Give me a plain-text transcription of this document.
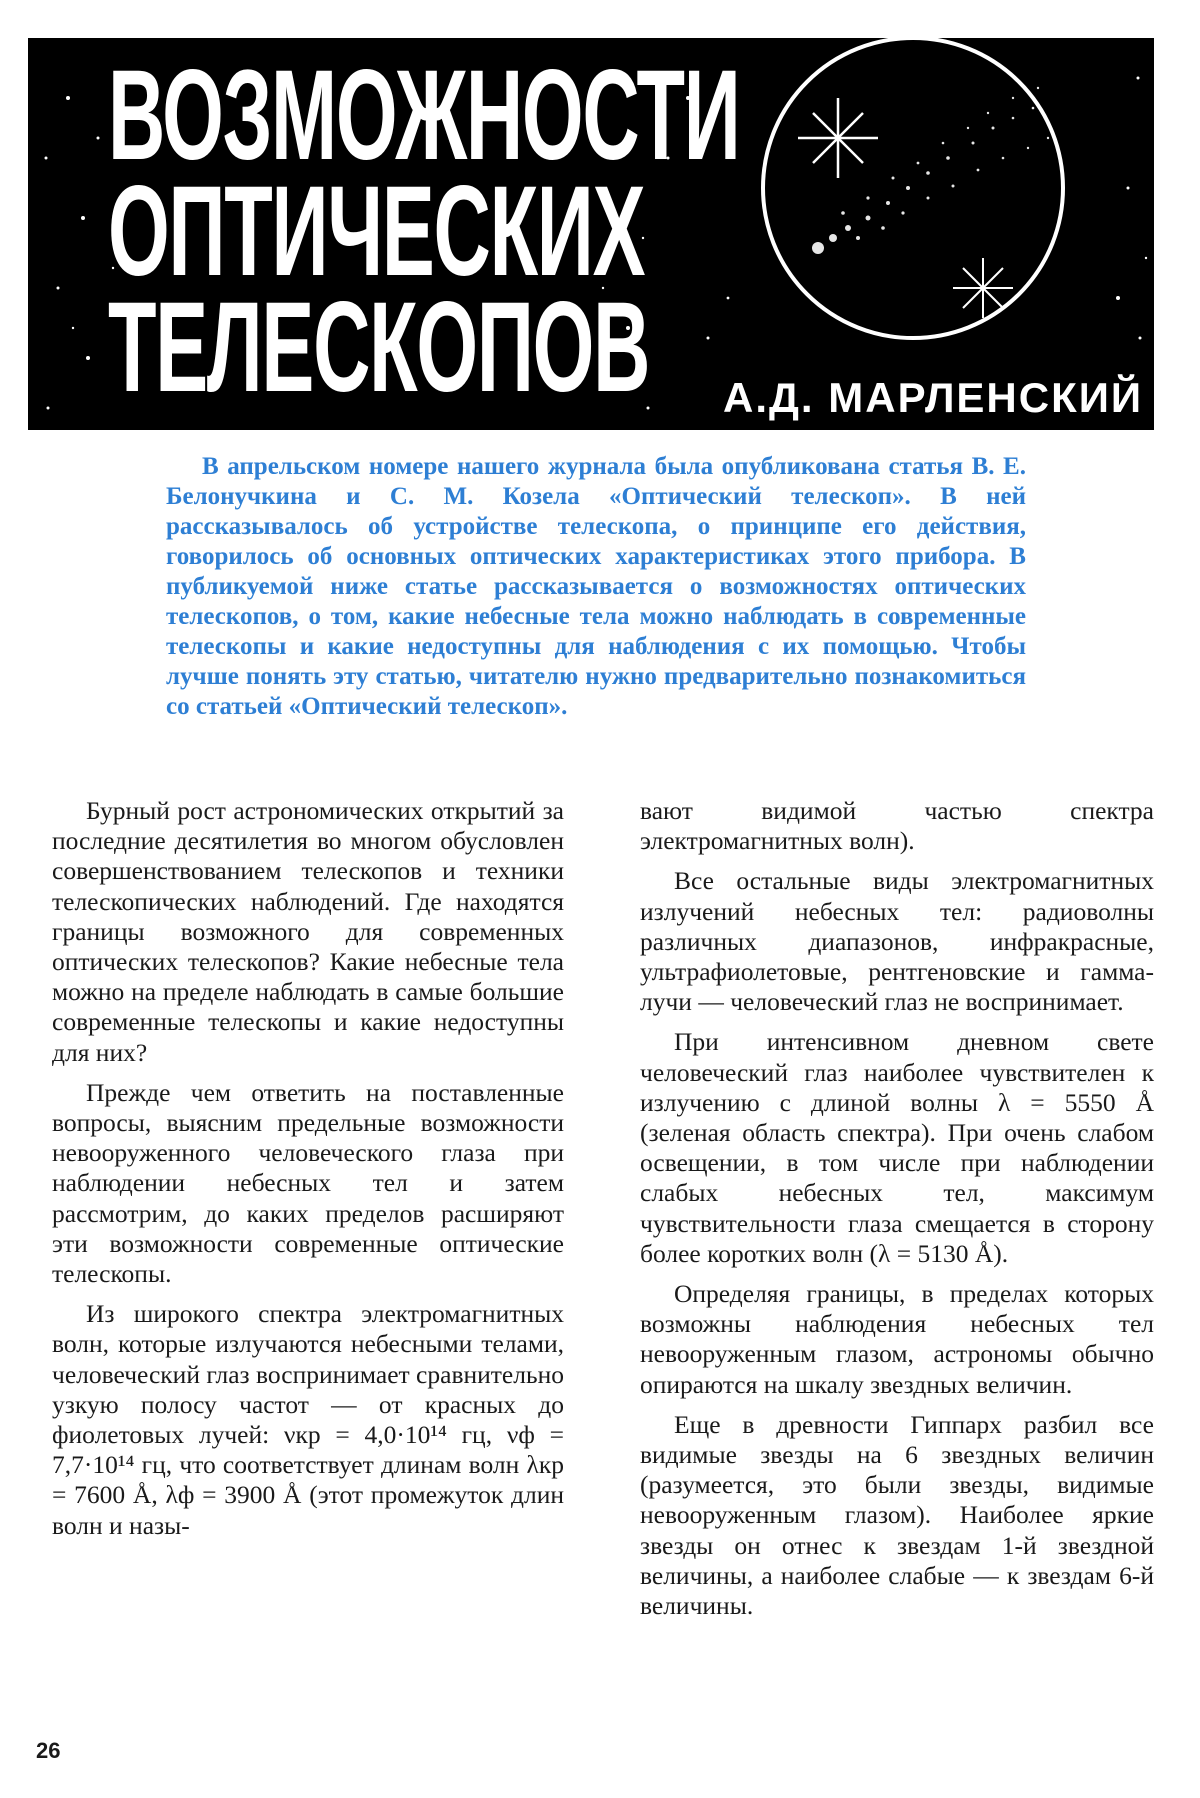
ВОЗМОЖНОСТИ
ОПТИЧЕСКИХ
ТЕЛЕСКОПОВ А.Д. МАРЛЕНСКИЙ
В апрельском номере нашего журнала была опубликована статья В. Е. Белонучкина и С. М. Козела «Оптический телескоп». В ней рассказывалось об устройстве телескопа, о принципе его действия, говорилось об основных оптических характеристиках этого прибора. В публикуемой ниже статье рассказывается о возможностях оптических телескопов, о том, какие небесные тела можно наблюдать в современные телескопы и какие недоступны для наблюдения с их помощью. Чтобы лучше понять эту статью, читателю нужно предварительно познакомиться со статьей «Оптический телескоп».

Бурный рост астрономических открытий за последние десятилетия во многом обусловлен совершенствованием телескопов и техники телескопических наблюдений. Где находятся границы возможного для современных оптических телескопов? Какие небесные тела можно на пределе наблюдать в самые большие современные телескопы и какие недоступны для них?

Прежде чем ответить на поставленные вопросы, выясним предельные возможности невооруженного человеческого глаза при наблюдении небесных тел и затем рассмотрим, до каких пределов расширяют эти возможности современные оптические телескопы.

Из широкого спектра электромагнитных волн, которые излучаются небесными телами, человеческий глаз воспринимает сравнительно узкую полосу частот — от красных до фиолетовых лучей: νкр = 4,0·10¹⁴ гц, νф = 7,7·10¹⁴ гц, что соответствует длинам волн λкр = 7600 Å, λф = 3900 Å (этот промежуток длин волн и назы-

вают видимой частью спектра электромагнитных волн).

Все остальные виды электромагнитных излучений небесных тел: радиоволны различных диапазонов, инфракрасные, ультрафиолетовые, рентгеновские и гамма-лучи — человеческий глаз не воспринимает.

При интенсивном дневном свете человеческий глаз наиболее чувствителен к излучению с длиной волны λ = 5550 Å (зеленая область спектра). При очень слабом освещении, в том числе при наблюдении слабых небесных тел, максимум чувствительности глаза смещается в сторону более коротких волн (λ = 5130 Å).

Определяя границы, в пределах которых возможны наблюдения небесных тел невооруженным глазом, астрономы обычно опираются на шкалу звездных величин.

Еще в древности Гиппарх разбил все видимые звезды на 6 звездных величин (разумеется, это были звезды, видимые невооруженным глазом). Наиболее яркие звезды он отнес к звездам 1-й звездной величины, а наиболее слабые — к звездам 6-й величины.

26
